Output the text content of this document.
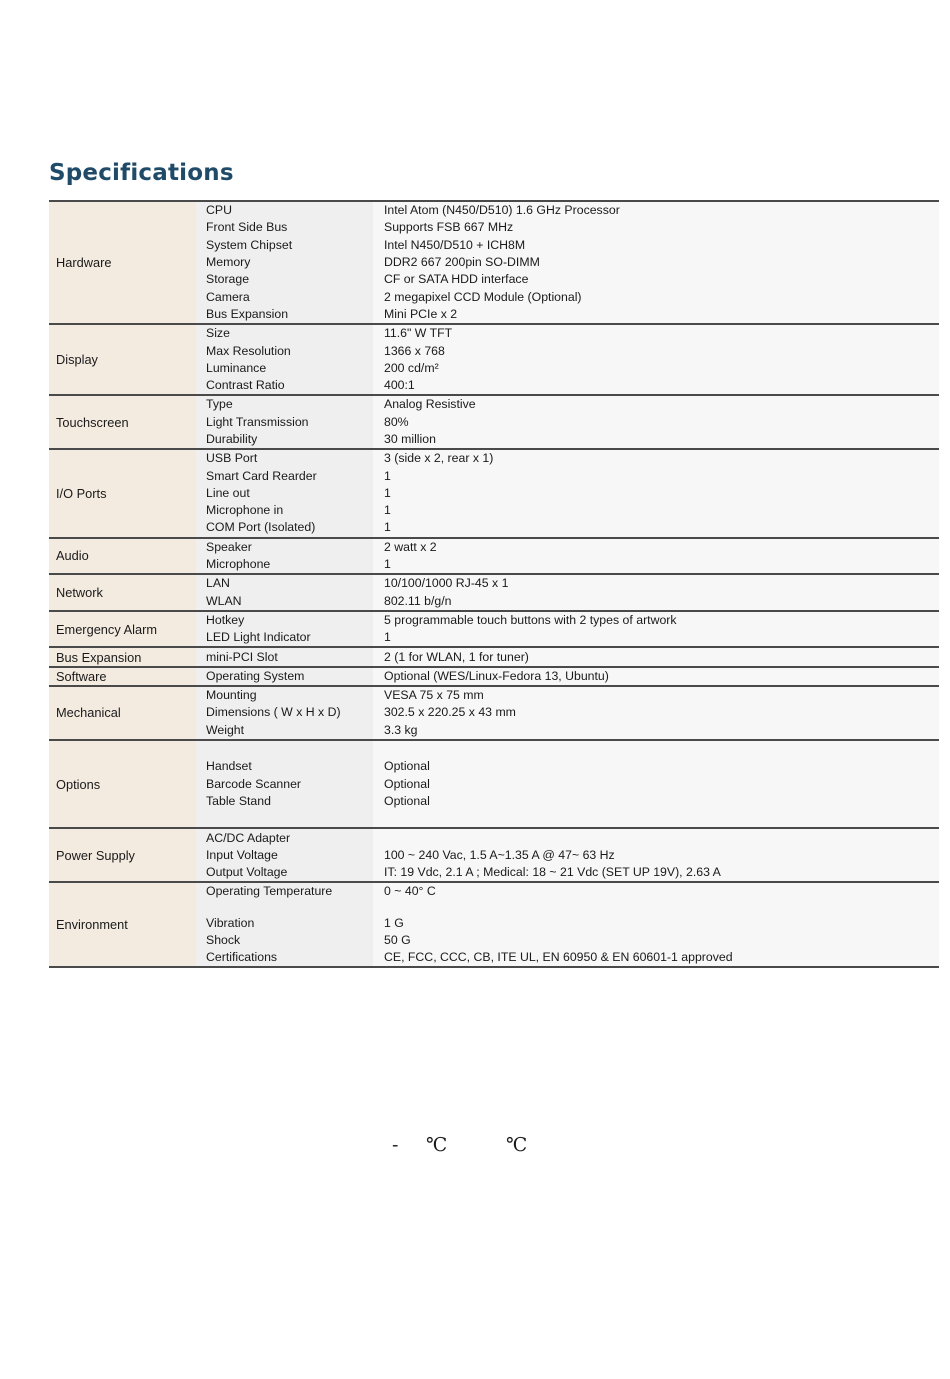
Specifications
Hardware	CPU	Intel Atom (N450/D510) 1.6 GHz Processor
	Front Side Bus	Supports FSB 667 MHz
	System Chipset	Intel N450/D510 + ICH8M
	Memory	DDR2 667 200pin SO-DIMM
	Storage	CF or SATA HDD interface
	Camera	2 megapixel CCD Module (Optional)
	Bus Expansion	Mini PCIe x 2
Display	Size	11.6" W TFT
	Max Resolution	1366 x 768
	Luminance	200 cd/m²
	Contrast Ratio	400:1
Touchscreen	Type	Analog Resistive
	Light Transmission	80%
	Durability	30 million
I/O Ports	USB Port	3 (side x 2, rear x 1)
	Smart Card Rearder	1
	Line out	1
	Microphone in	1
	COM Port (Isolated)	1
Audio	Speaker	2 watt x 2
	Microphone	1
Network	LAN	10/100/1000 RJ-45 x 1
	WLAN	802.11 b/g/n
Emergency Alarm	Hotkey	5 programmable touch buttons with 2 types of artwork
	LED Light Indicator	1
Bus Expansion	mini-PCI Slot	2 (1 for WLAN, 1 for tuner)
Software	Operating System	Optional (WES/Linux-Fedora 13, Ubuntu)
Mechanical	Mounting	VESA 75 x 75 mm
	Dimensions ( W x H x D)	302.5 x 220.25 x 43 mm
	Weight	3.3 kg
Options		
	Handset	Optional
	Barcode Scanner	Optional
	Table Stand	Optional

Power Supply	AC/DC Adapter	
	Input Voltage	100 ~ 240 Vac, 1.5 A~1.35 A @ 47~ 63 Hz
	Output Voltage	IT: 19 Vdc, 2.1 A ; Medical: 18 ~ 21 Vdc (SET UP 19V), 2.63 A
Environment	Operating Temperature	0 ~ 40° C

	Vibration	1 G
	Shock	50 G
	Certifications	CE, FCC, CCC, CB, ITE UL, EN 60950 & EN 60601-1 approved
- ℃	℃
